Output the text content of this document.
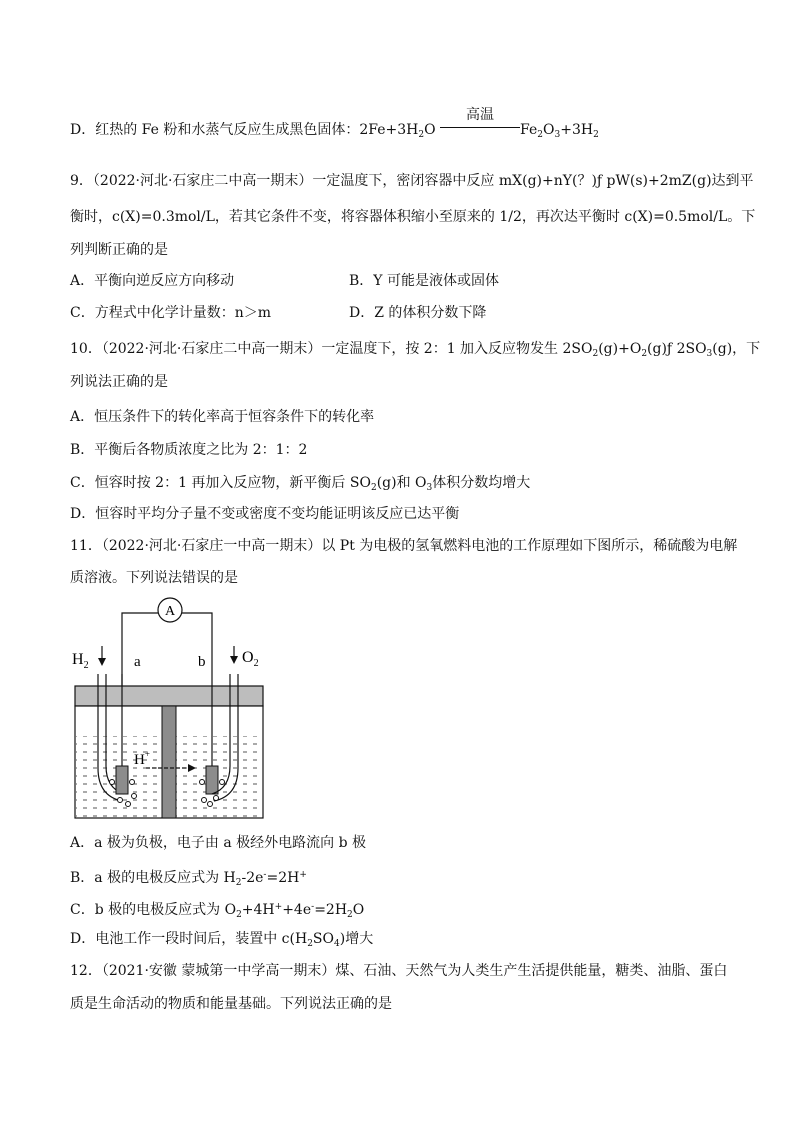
D．红热的 Fe 粉和水蒸气反应生成黑色固体：$2Fe+3H_2O$
高温
$Fe_2O_3+3H_2$
9．（2022·河北·石家庄二中高一期末）一定温度下，密闭容器中反应 mX(g)+nY(？)ƒ pW(s)+2mZ(g)达到平
衡时，c(X)=0.3mol/L，若其它条件不变，将容器体积缩小至原来的 1/2，再次达平衡时 c(X)=0.5mol/L。下
列判断正确的是
A．平衡向逆反应方向移动	B．Y 可能是液体或固体
C．方程式中化学计量数：n＞m	D．Z 的体积分数下降
10．（2022·河北·石家庄二中高一期末）一定温度下，按 2：1 加入反应物发生 $2SO_2(g)+O_2(g)ƒ$ $2SO_3(g)$，下
列说法正确的是
A．恒压条件下的转化率高于恒容条件下的转化率
B．平衡后各物质浓度之比为 2：1：2
C．恒容时按 2：1 再加入反应物，新平衡后 $SO_2(g)$和 $O_3$体积分数均增大
D．恒容时平均分子量不变或密度不变均能证明该反应已达平衡
11．（2022·河北·石家庄一中高一期末）以 Pt 为电极的氢氧燃料电池的工作原理如下图所示，稀硫酸为电解
质溶液。下列说法错误的是
A
$H_2$	a	b $O_2$
H+
A．a 极为负极，电子由 a 极经外电路流向 b 极
B．a 极的电极反应式为 $H_2-2e^-=2H^+$
C．b 极的电极反应式为 $O_2+4H^++4e^-=2H_2O$
D．电池工作一段时间后，装置中 $c(H_2SO_4)$增大
12．（2021·安徽 蒙城第一中学高一期末）煤、石油、天然气为人类生产生活提供能量，糖类、油脂、蛋白
质是生命活动的物质和能量基础。下列说法正确的是
